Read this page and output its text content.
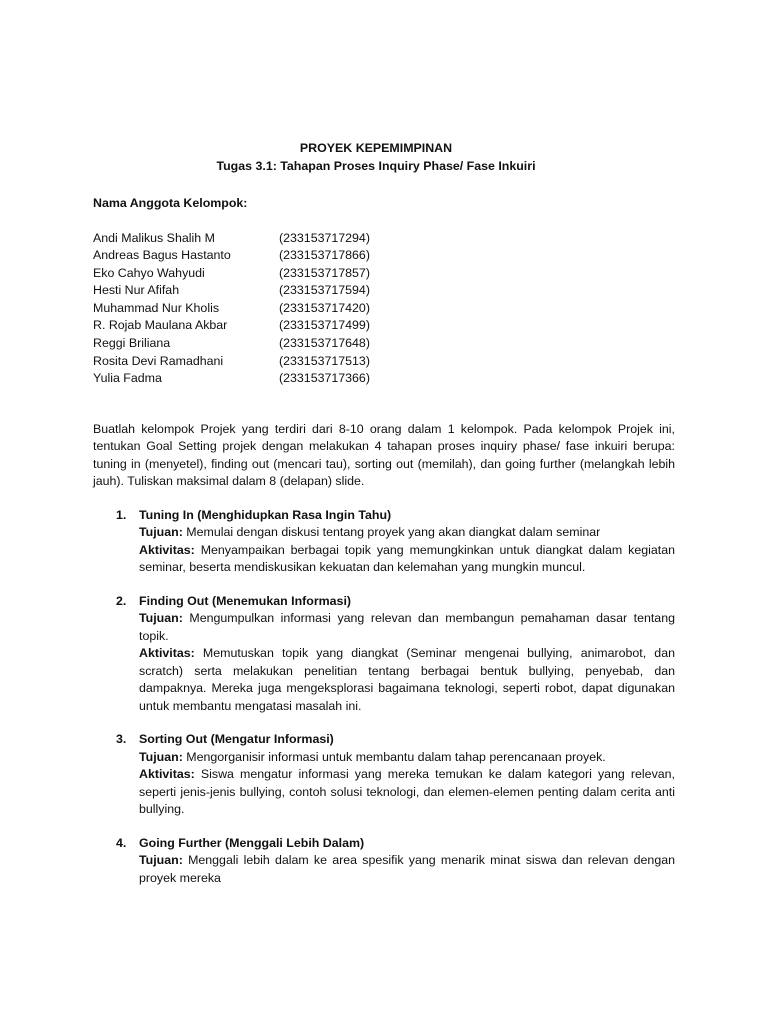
PROYEK KEPEMIMPINAN
Tugas 3.1: Tahapan Proses Inquiry Phase/ Fase Inkuiri
Nama Anggota Kelompok:
Andi Malikus Shalih M	(233153717294)
Andreas Bagus Hastanto	(233153717866)
Eko Cahyo Wahyudi	(233153717857)
Hesti Nur Afifah	(233153717594)
Muhammad Nur Kholis	(233153717420)
R. Rojab Maulana Akbar	(233153717499)
Reggi Briliana	(233153717648)
Rosita Devi Ramadhani	(233153717513)
Yulia Fadma	(233153717366)
Buatlah kelompok Projek yang terdiri dari 8-10 orang dalam 1 kelompok. Pada kelompok Projek ini, tentukan Goal Setting projek dengan melakukan 4 tahapan proses inquiry phase/ fase inkuiri berupa: tuning in (menyetel), finding out (mencari tau), sorting out (memilah), dan going further (melangkah lebih jauh). Tuliskan maksimal dalam 8 (delapan) slide.
1. Tuning In (Menghidupkan Rasa Ingin Tahu)
Tujuan: Memulai dengan diskusi tentang proyek yang akan diangkat dalam seminar
Aktivitas: Menyampaikan berbagai topik yang memungkinkan untuk diangkat dalam kegiatan seminar, beserta mendiskusikan kekuatan dan kelemahan yang mungkin muncul.
2. Finding Out (Menemukan Informasi)
Tujuan: Mengumpulkan informasi yang relevan dan membangun pemahaman dasar tentang topik.
Aktivitas: Memutuskan topik yang diangkat (Seminar mengenai bullying, animarobot, dan scratch) serta melakukan penelitian tentang berbagai bentuk bullying, penyebab, dan dampaknya. Mereka juga mengeksplorasi bagaimana teknologi, seperti robot, dapat digunakan untuk membantu mengatasi masalah ini.
3. Sorting Out (Mengatur Informasi)
Tujuan: Mengorganisir informasi untuk membantu dalam tahap perencanaan proyek.
Aktivitas: Siswa mengatur informasi yang mereka temukan ke dalam kategori yang relevan, seperti jenis-jenis bullying, contoh solusi teknologi, dan elemen-elemen penting dalam cerita anti bullying.
4. Going Further (Menggali Lebih Dalam)
Tujuan: Menggali lebih dalam ke area spesifik yang menarik minat siswa dan relevan dengan proyek mereka
